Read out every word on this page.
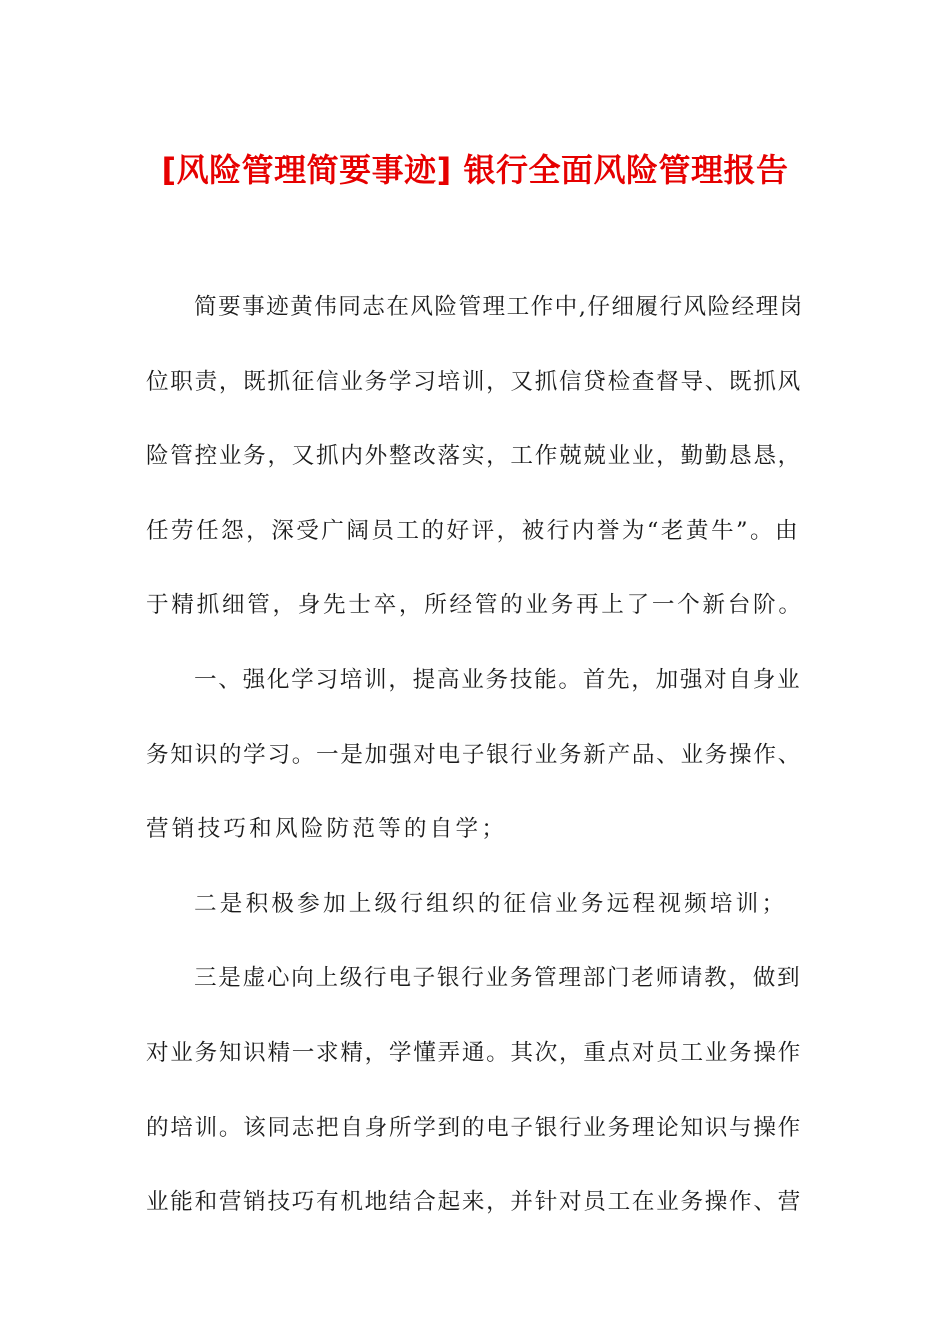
[风险管理简要事迹] 银行全面风险管理报告
简要事迹黄伟同志在风险管理工作中,仔细履行风险经理岗
位职责，既抓征信业务学习培训，又抓信贷检查督导、既抓风
险管控业务，又抓内外整改落实，工作兢兢业业，勤勤恳恳，
任劳任怨，深受广阔员工的好评，被行内誉为“老黄牛”。由
于精抓细管，身先士卒，所经管的业务再上了一个新台阶。
一、强化学习培训，提高业务技能。首先，加强对自身业
务知识的学习。一是加强对电子银行业务新产品、业务操作、
营销技巧和风险防范等的自学；
二是积极参加上级行组织的征信业务远程视频培训；
三是虚心向上级行电子银行业务管理部门老师请教，做到
对业务知识精一求精，学懂弄通。其次，重点对员工业务操作
的培训。该同志把自身所学到的电子银行业务理论知识与操作
业能和营销技巧有机地结合起来，并针对员工在业务操作、营
